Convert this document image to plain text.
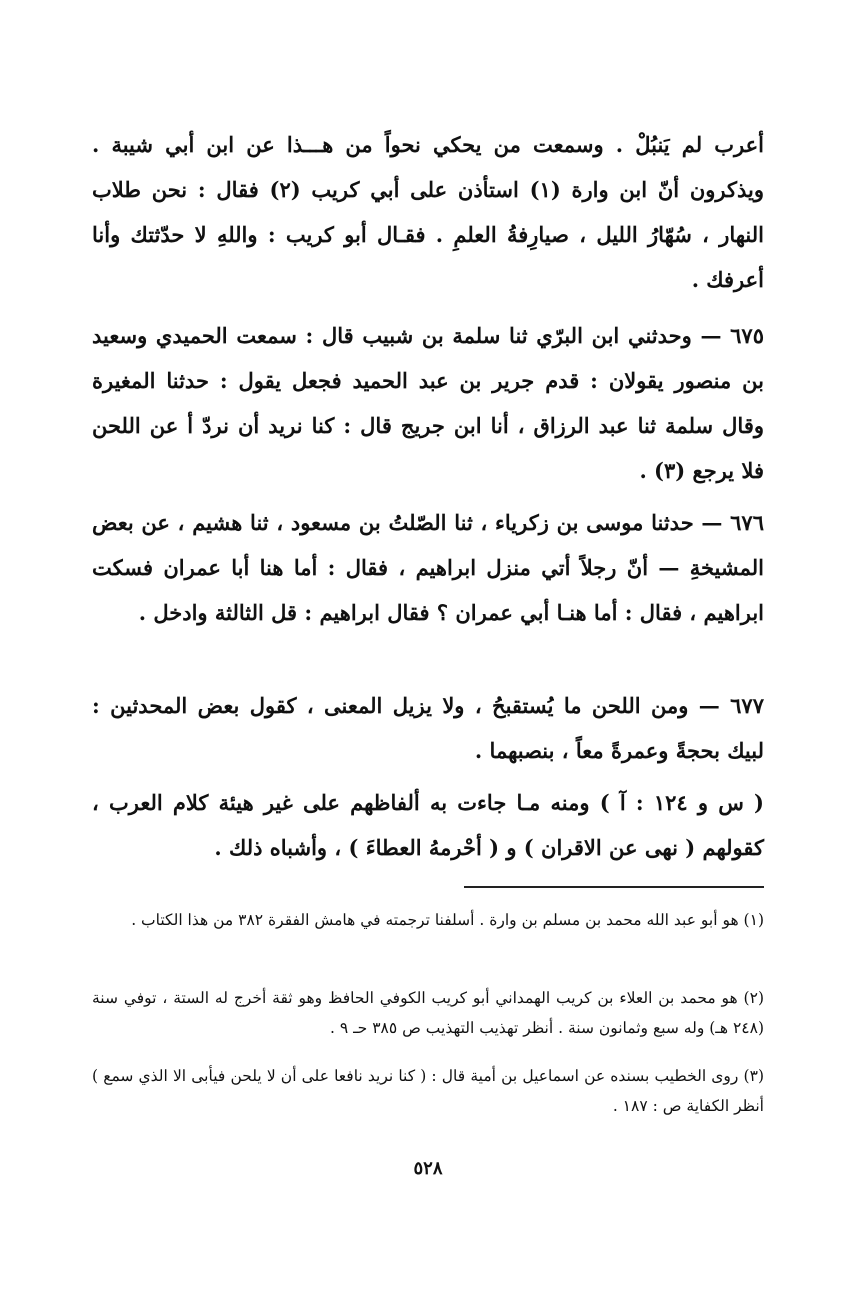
أعرب لم يَنبُلْ . وسمعت من يحكي نحواً من هـــذا عن ابن أبي شيبة . ويذكرون أنّ ابن وارة (١) استأذن على أبي كريب (٢) فقال : نحن طلاب النهار ، سُهّارُ الليل ، صيارِفةُ العلمِ . فقـال أبو كريب : واللهِ لا حدّثتك وأنا أعرفك .
٦٧٥ — وحدثني ابن البرّي ثنا سلمة بن شبيب قال : سمعت الحميدي وسعيد بن منصور يقولان : قدم جرير بن عبد الحميد فجعل يقول : حدثنا المغيرة وقال سلمة ثنا عبد الرزاق ، أنا ابن جريج قال : كنا نريد أن نردّ أ عن اللحن فلا يرجع (٣) .
٦٧٦ — حدثنا موسى بن زكرياء ، ثنا الصّلتُ بن مسعود ، ثنا هشيم ، عن بعض المشيخةِ — أنّ رجلاً أتي منزل ابراهيم ، فقال : أما هنا أبا عمران فسكت ابراهيم ، فقال : أما هنـا أبي عمران ؟ فقال ابراهيم : قل الثالثة وادخل .
٦٧٧ — ومن اللحن ما يُستقبحُ ، ولا يزيل المعنى ، كقول بعض المحدثين : لبيك بحجةً وعمرةً معاً ، بنصبهما .
( س و ١٢٤ : آ ) ومنه مـا جاءت به ألفاظهم على غير هيئة كلام العرب ، كقولهم ( نهى عن الاقران ) و ( أحْرمهُ العطاءَ ) ، وأشباه ذلك .
(١) هو أبو عبد الله محمد بن مسلم بن وارة . أسلفنا ترجمته في هامش الفقرة ٣٨٢ من هذا الكتاب .
(٢) هو محمد بن العلاء بن كريب الهمداني أبو كريب الكوفي الحافظ وهو ثقة أخرج له الستة ، توفي سنة (٢٤٨ هـ) وله سبع وثمانون سنة . أنظر تهذيب التهذيب ص ٣٨٥ حـ ٩ .
(٣) روى الخطيب بسنده عن اسماعيل بن أمية قال : ( كنا نريد نافعا على أن لا يلحن فيأبى الا الذي سمع ) أنظر الكفاية ص : ١٨٧ .
٥٢٨
